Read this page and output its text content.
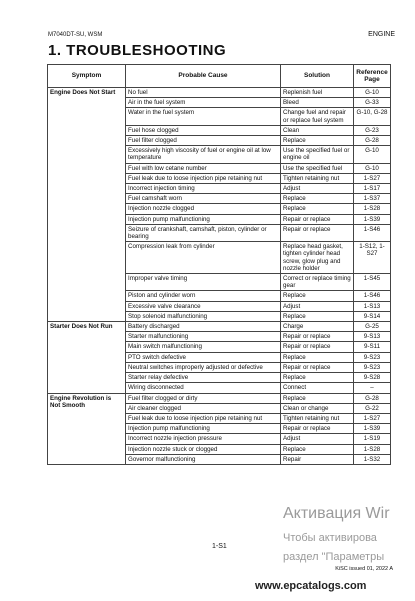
M7040DT-SU, WSM	ENGINE
1. TROUBLESHOOTING
Symptom	Probable Cause	Solution	Reference Page
Engine Does Not Start	No fuel	Replenish fuel	G-10
	Air in the fuel system	Bleed	G-33
	Water in the fuel system	Change fuel and repair or replace fuel system	G-10, G-28
	Fuel hose clogged	Clean	G-23
	Fuel filter clogged	Replace	G-28
	Excessively high viscosity of fuel or engine oil at low temperature	Use the specified fuel or engine oil	G-10
	Fuel with low cetane number	Use the specified fuel	G-10
	Fuel leak due to loose injection pipe retaining nut	Tighten retaining nut	1-S27
	Incorrect injection timing	Adjust	1-S17
	Fuel camshaft worn	Replace	1-S37
	Injection nozzle clogged	Replace	1-S28
	Injection pump malfunctioning	Repair or replace	1-S39
	Seizure of crankshaft, camshaft, piston, cylinder or bearing	Repair or replace	1-S46
	Compression leak from cylinder	Replace head gasket, tighten cylinder head screw, glow plug and nozzle holder	1-S12, 1-S27
	Improper valve timing	Correct or replace timing gear	1-S45
	Piston and cylinder worn	Replace	1-S46
	Excessive valve clearance	Adjust	1-S13
	Stop solenoid malfunctioning	Replace	9-S14
Starter Does Not Run	Battery discharged	Charge	G-25
	Starter malfunctioning	Repair or replace	9-S13
	Main switch malfunctioning	Repair or replace	9-S11
	PTO switch defective	Replace	9-S23
	Neutral switches improperly adjusted or defective	Repair or replace	9-S23
	Starter relay defective	Replace	9-S28
	Wiring disconnected	Connect	–
Engine Revolution is Not Smooth	Fuel filter clogged or dirty	Replace	G-28
	Air cleaner clogged	Clean or change	G-22
	Fuel leak due to loose injection pipe retaining nut	Tighten retaining nut	1-S27
	Injection pump malfunctioning	Repair or replace	1-S39
	Incorrect nozzle injection pressure	Adjust	1-S19
	Injection nozzle stuck or clogged	Replace	1-S28
	Governor malfunctioning	Repair	1-S32
1-S1
KiSC issued 01, 2022 A
Активация Wir
Чтобы активирова
раздел "Параметры
www.epcatalogs.com
